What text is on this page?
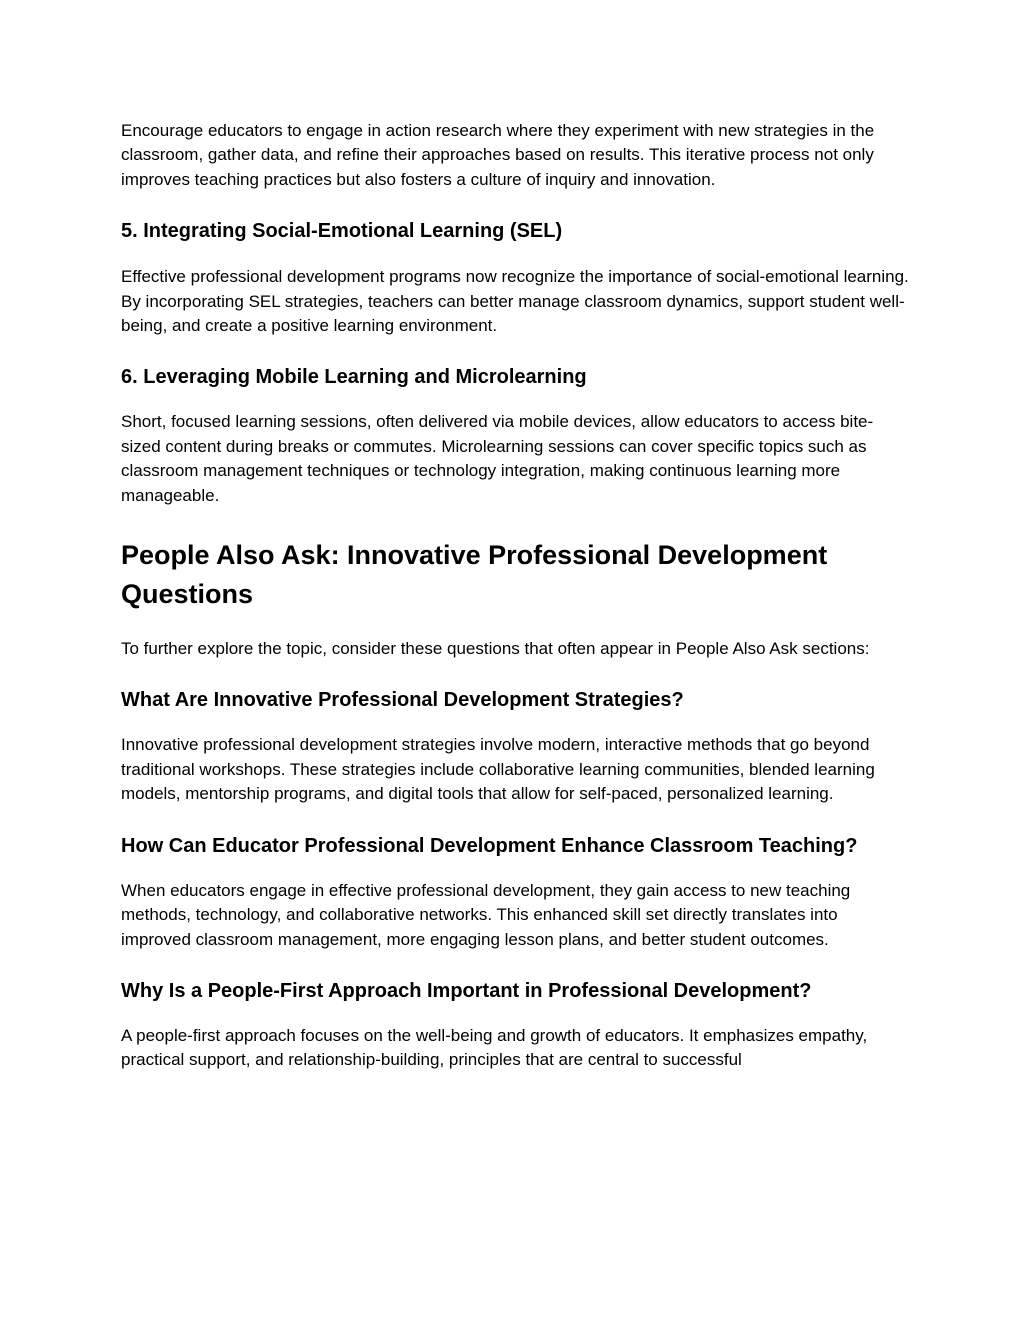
Encourage educators to engage in action research where they experiment with new strategies in the classroom, gather data, and refine their approaches based on results. This iterative process not only improves teaching practices but also fosters a culture of inquiry and innovation.

5. Integrating Social-Emotional Learning (SEL)

Effective professional development programs now recognize the importance of social-emotional learning. By incorporating SEL strategies, teachers can better manage classroom dynamics, support student well-being, and create a positive learning environment.

6. Leveraging Mobile Learning and Microlearning

Short, focused learning sessions, often delivered via mobile devices, allow educators to access bite-sized content during breaks or commutes. Microlearning sessions can cover specific topics such as classroom management techniques or technology integration, making continuous learning more manageable.

People Also Ask: Innovative Professional Development Questions

To further explore the topic, consider these questions that often appear in People Also Ask sections:

What Are Innovative Professional Development Strategies?

Innovative professional development strategies involve modern, interactive methods that go beyond traditional workshops. These strategies include collaborative learning communities, blended learning models, mentorship programs, and digital tools that allow for self-paced, personalized learning.

How Can Educator Professional Development Enhance Classroom Teaching?

When educators engage in effective professional development, they gain access to new teaching methods, technology, and collaborative networks. This enhanced skill set directly translates into improved classroom management, more engaging lesson plans, and better student outcomes.

Why Is a People-First Approach Important in Professional Development?

A people-first approach focuses on the well-being and growth of educators. It emphasizes empathy, practical support, and relationship-building, principles that are central to successful
